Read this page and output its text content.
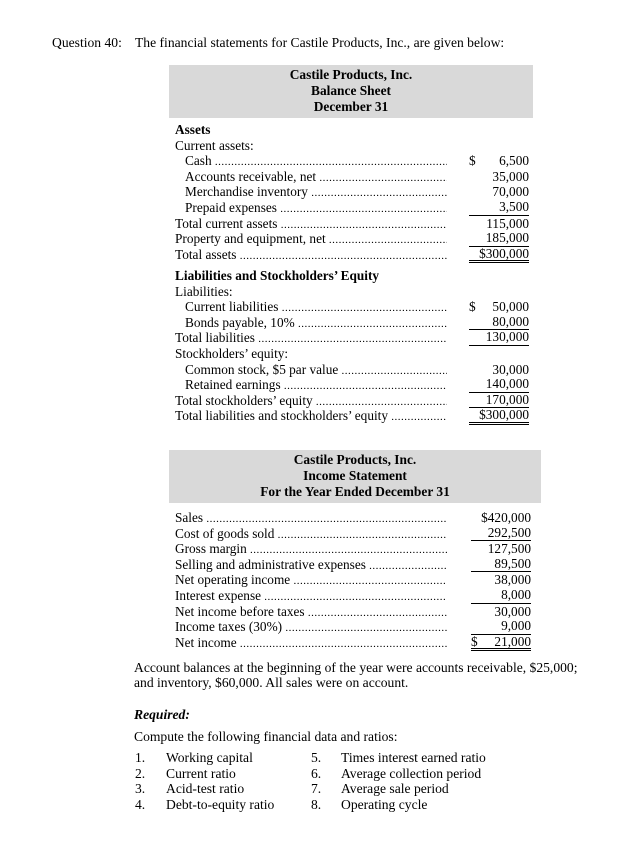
Question 40: The financial statements for Castile Products, Inc., are given below:
Castile Products, Inc.
Balance Sheet
December 31
Assets
Current assets:
Cash .....	$ 6,500
Accounts receivable, net .....	35,000
Merchandise inventory .....	70,000
Prepaid expenses .....	3,500
Total current assets .....	115,000
Property and equipment, net .....	185,000
Total assets .....	$300,000
Liabilities and Stockholders’ Equity
Liabilities:
Current liabilities .....	$ 50,000
Bonds payable, 10% .....	80,000
Total liabilities .....	130,000
Stockholders’ equity:
Common stock, $5 par value .....	30,000
Retained earnings .....	140,000
Total stockholders’ equity .....	170,000
Total liabilities and stockholders’ equity .....	$300,000
Castile Products, Inc.
Income Statement
For the Year Ended December 31
Sales .....	$420,000
Cost of goods sold .....	292,500
Gross margin .....	127,500
Selling and administrative expenses .....	89,500
Net operating income .....	38,000
Interest expense .....	8,000
Net income before taxes .....	30,000
Income taxes (30%) .....	9,000
Net income .....	$ 21,000
Account balances at the beginning of the year were accounts receivable, $25,000;
and inventory, $60,000. All sales were on account.
Required:
Compute the following financial data and ratios:
1. Working capital
2. Current ratio
3. Acid-test ratio
4. Debt-to-equity ratio
5. Times interest earned ratio
6. Average collection period
7. Average sale period
8. Operating cycle
